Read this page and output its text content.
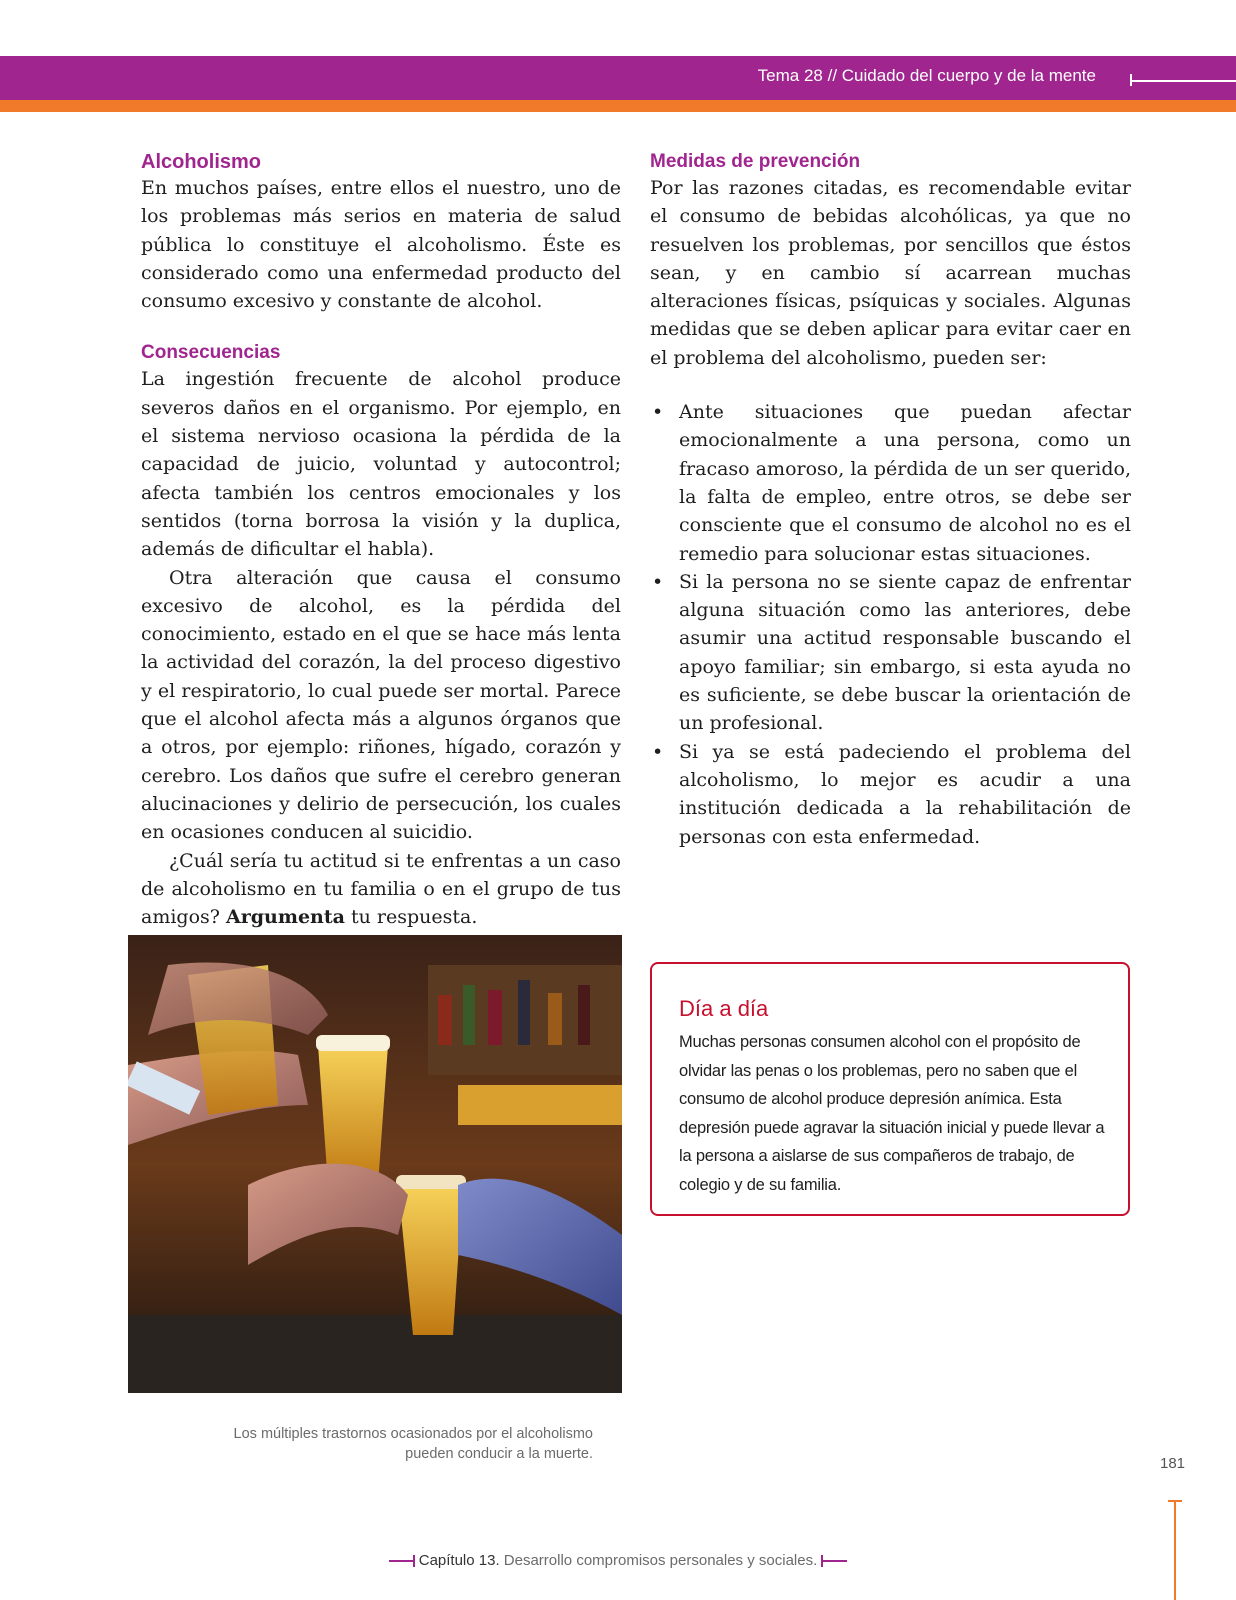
Tema 28 // Cuidado del cuerpo y de la mente
Alcoholismo

En muchos países, entre ellos el nuestro, uno de los problemas más serios en materia de salud pública lo constituye el alcoholismo. Éste es considerado como una enfermedad producto del consumo excesivo y constante de alcohol.

Consecuencias

La ingestión frecuente de alcohol produce severos daños en el organismo. Por ejemplo, en el sistema nervioso ocasiona la pérdida de la capacidad de juicio, voluntad y autocontrol; afecta también los centros emocionales y los sentidos (torna borrosa la visión y la duplica, además de dificultar el habla).

Otra alteración que causa el consumo excesivo de alcohol, es la pérdida del conocimiento, estado en el que se hace más lenta la actividad del corazón, la del proceso digestivo y el respiratorio, lo cual puede ser mortal. Parece que el alcohol afecta más a algunos órganos que a otros, por ejemplo: riñones, hígado, corazón y cerebro. Los daños que sufre el cerebro generan alucinaciones y delirio de persecución, los cuales en ocasiones conducen al suicidio.

¿Cuál sería tu actitud si te enfrentas a un caso de alcoholismo en tu familia o en el grupo de tus amigos? Argumenta tu respuesta.

Medidas de prevención

Por las razones citadas, es recomendable evitar el consumo de bebidas alcohólicas, ya que no resuelven los problemas, por sencillos que éstos sean, y en cambio sí acarrean muchas alteraciones físicas, psíquicas y sociales. Algunas medidas que se deben aplicar para evitar caer en el problema del alcoholismo, pueden ser:

• Ante situaciones que puedan afectar emocionalmente a una persona, como un fracaso amoroso, la pérdida de un ser querido, la falta de empleo, entre otros, se debe ser consciente que el consumo de alcohol no es el remedio para solucionar estas situaciones.
• Si la persona no se siente capaz de enfrentar alguna situación como las anteriores, debe asumir una actitud responsable buscando el apoyo familiar; sin embargo, si esta ayuda no es suficiente, se debe buscar la orientación de un profesional.
• Si ya se está padeciendo el problema del alcoholismo, lo mejor es acudir a una institución dedicada a la rehabilitación de personas con esta enfermedad.
Los múltiples trastornos ocasionados por el alcoholismo
pueden conducir a la muerte.
Día a día
Muchas personas consumen alcohol con el propósito de olvidar las penas o los problemas, pero no saben que el consumo de alcohol produce depresión anímica. Esta depresión puede agravar la situación inicial y puede llevar a la persona a aislarse de sus compañeros de trabajo, de colegio y de su familia.
181
Capítulo 13. Desarrollo compromisos personales y sociales.
